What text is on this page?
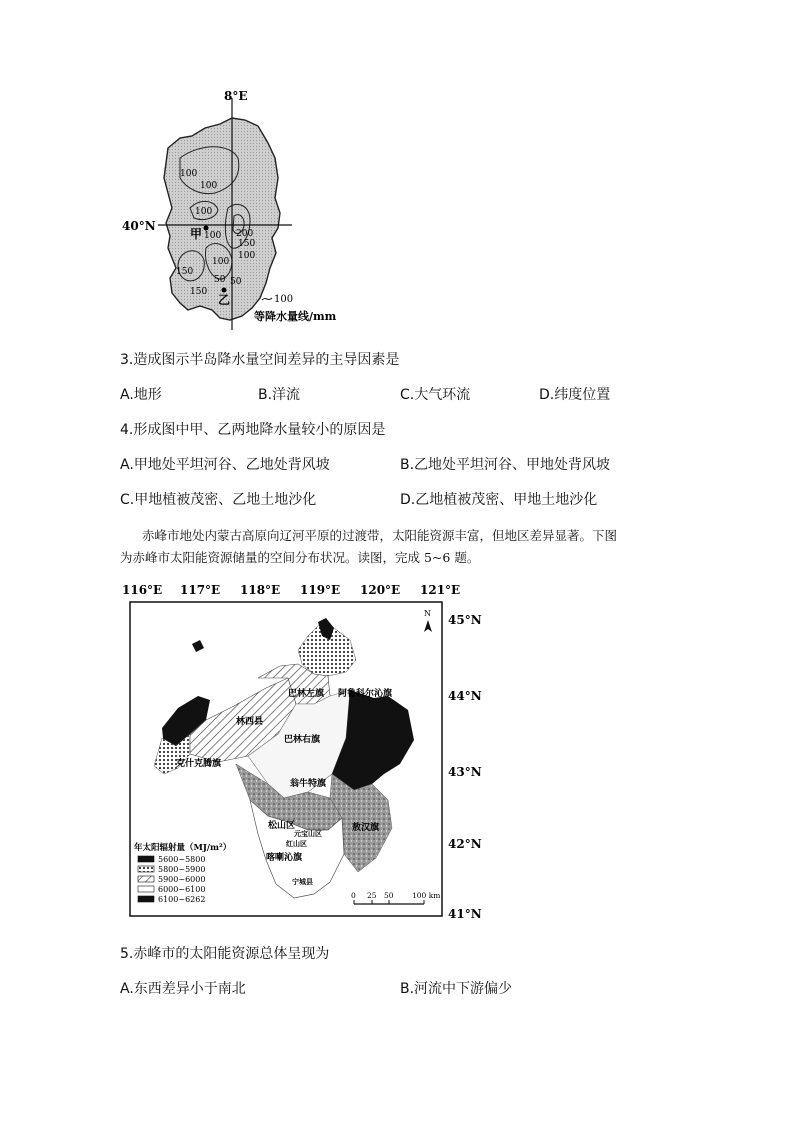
8°E
40°N
100
100
100
100 200
150
100
100
150
150
50 50
甲
乙	100
等降水量线/mm
3.造成图示半岛降水量空间差异的主导因素是
A.地形	B.洋流	C.大气环流	D.纬度位置
4.形成图中甲、乙两地降水量较小的原因是
A.甲地处平坦河谷、乙地处背风坡	B.乙地处平坦河谷、甲地处背风坡
C.甲地植被茂密、乙地土地沙化	D.乙地植被茂密、甲地土地沙化
赤峰市地处内蒙古高原向辽河平原的过渡带，太阳能资源丰富，但地区差异显著。下图
为赤峰市太阳能资源储量的空间分布状况。读图，完成 5~6 题。
116°E 117°E 118°E 119°E 120°E 121°E
45°N
44°N
43°N
42°N
41°N
N
巴林左旗 阿鲁科尔沁旗
林西县
巴林右旗
克什克腾旗
翁牛特旗
松山区
元宝山区
红山区
敖汉旗
喀喇沁旗
宁城县
年太阳辐射量（MJ/m²）
5600~5800
5800~5900
5900~6000
6000~6100
6100~6262	0 25 50 100 km
5.赤峰市的太阳能资源总体呈现为
A.东西差异小于南北	B.河流中下游偏少
